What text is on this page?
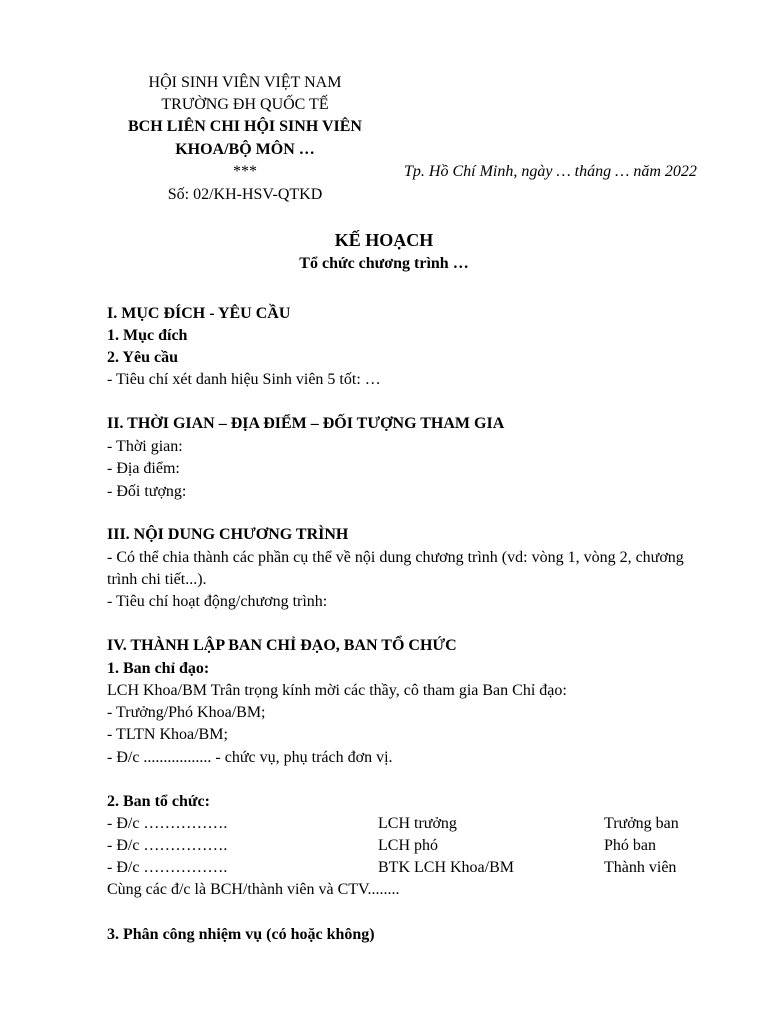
HỘI SINH VIÊN VIỆT NAM
TRƯỜNG ĐH QUỐC TẾ
BCH LIÊN CHI HỘI SINH VIÊN
KHOA/BỘ MÔN …
***
Số: 02/KH-HSV-QTKD
Tp. Hồ Chí Minh, ngày … tháng … năm 2022
KẾ HOẠCH
Tổ chức chương trình …
I. MỤC ĐÍCH - YÊU CẦU
1. Mục đích
2. Yêu cầu
- Tiêu chí xét danh hiệu Sinh viên 5 tốt: …
II. THỜI GIAN – ĐỊA ĐIỂM – ĐỐI TƯỢNG THAM GIA
- Thời gian:
- Địa điểm:
- Đối tượng:
III. NỘI DUNG CHƯƠNG TRÌNH
- Có thể chia thành các phần cụ thể về nội dung chương trình (vd: vòng 1, vòng 2, chương
trình chi tiết...).
- Tiêu chí hoạt động/chương trình:
IV. THÀNH LẬP BAN CHỈ ĐẠO, BAN TỔ CHỨC
1. Ban chỉ đạo:
LCH Khoa/BM Trân trọng kính mời các thầy, cô tham gia Ban Chỉ đạo:
- Trưởng/Phó Khoa/BM;
- TLTN Khoa/BM;
- Đ/c ................. - chức vụ, phụ trách đơn vị.
2. Ban tổ chức:
- Đ/c …………….	LCH trưởng	Trưởng ban
- Đ/c …………….	LCH phó	Phó ban
- Đ/c …………….	BTK LCH Khoa/BM	Thành viên
Cùng các đ/c là BCH/thành viên và CTV........
3. Phân công nhiệm vụ (có hoặc không)
